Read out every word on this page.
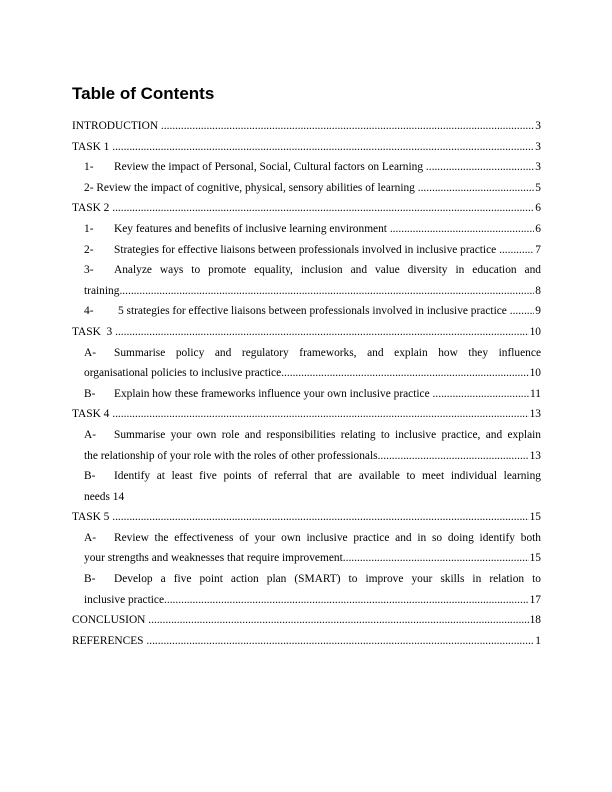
Table of Contents
INTRODUCTION	3
.....
TASK 1	3
.....
1- Review the impact of Personal, Social, Cultural factors on Learning	3
.....
2- Review the impact of cognitive, physical, sensory abilities of learning	5
.....
TASK 2	6
.....
1- Key features and benefits of inclusive learning environment	6
.....
2- Strategies for effective liaisons between professionals involved in inclusive practice	7
.....
3- Analyze ways to promote equality, inclusion and value diversity in education and
training	8
.....
4- 5 strategies for effective liaisons between professionals involved in inclusive practice 9
.....
TASK  3	10
.....
A- Summarise policy and regulatory frameworks, and explain how they influence
organisational policies to inclusive practice	10
.....
B- Explain how these frameworks influence your own inclusive practice	11
.....
TASK 4	13
.....
A- Summarise your own role and responsibilities relating to inclusive practice, and explain
the relationship of your role with the roles of other professionals	13
.....
B- Identify at least five points of referral that are available to meet individual learning
needs 14
TASK 5	15
.....
A- Review the effectiveness of your own inclusive practice and in so doing identify both
your strengths and weaknesses that require improvement	15
.....
B- Develop a five point action plan (SMART) to improve your skills in relation to
inclusive practice	17
.....
CONCLUSION	18
.....
REFERENCES	1
.....
